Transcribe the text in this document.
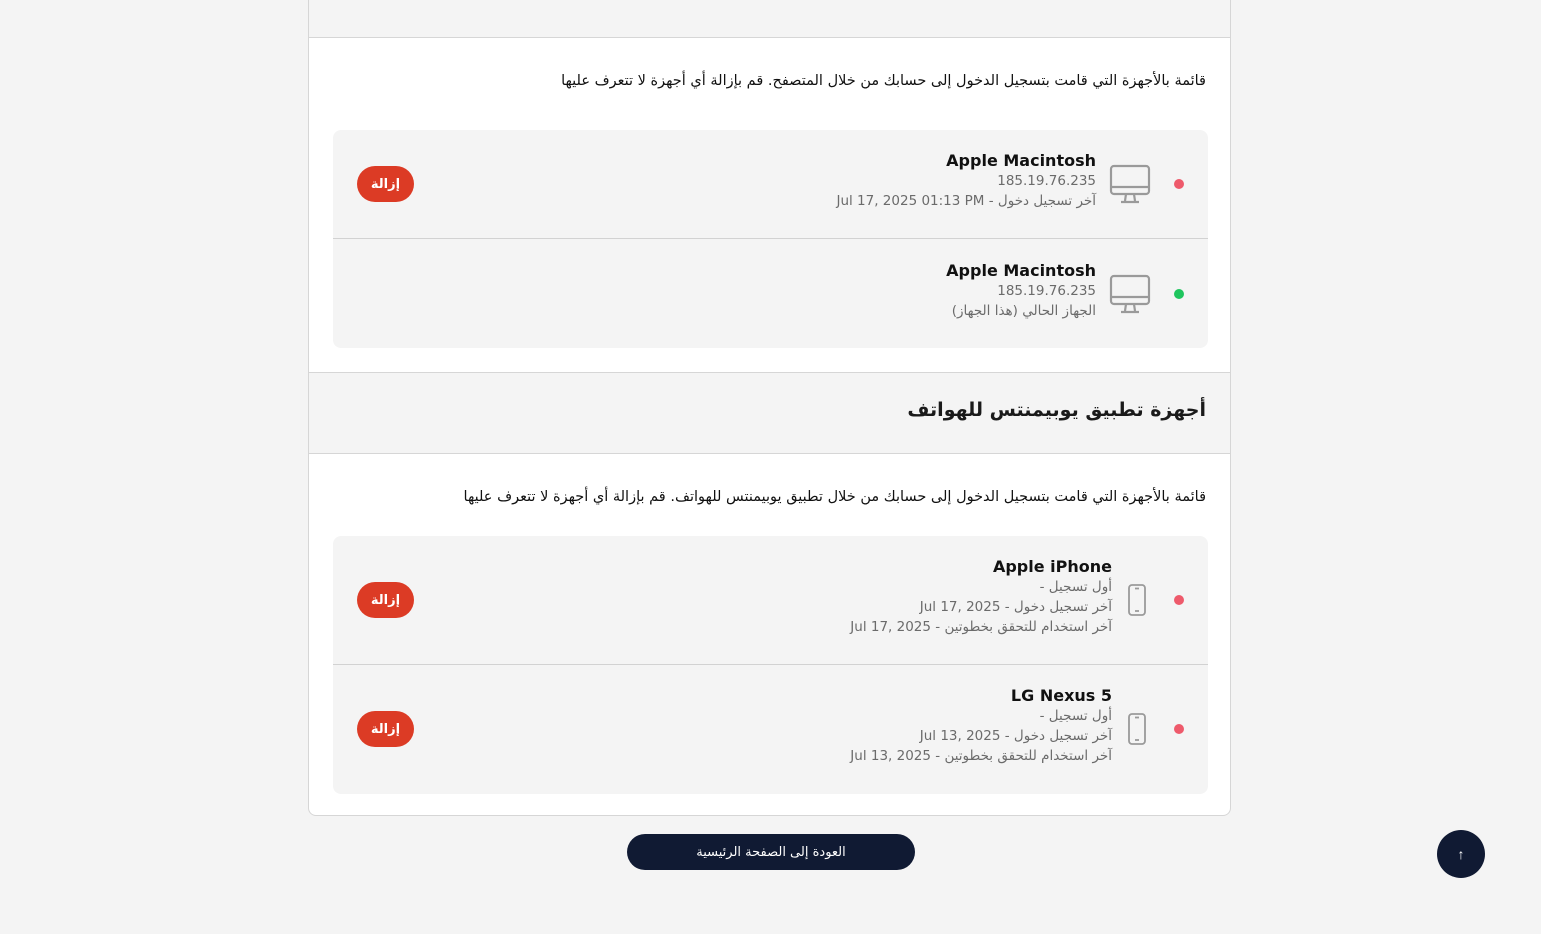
قائمة بالأجهزة التي قامت بتسجيل الدخول إلى حسابك من خلال المتصفح. قم بإزالة أي أجهزة لا تتعرف عليها
Apple Macintosh
185.19.76.235
آخر تسجيل دخول - Jul 17, 2025 01:13 PM
إزالة
Apple Macintosh
185.19.76.235
الجهاز الحالي (هذا الجهاز)
أجهزة تطبيق يوبيمنتس للهواتف
قائمة بالأجهزة التي قامت بتسجيل الدخول إلى حسابك من خلال تطبيق يوبيمنتس للهواتف. قم بإزالة أي أجهزة لا تتعرف عليها
Apple iPhone
أول تسجيل -
آخر تسجيل دخول - Jul 17, 2025
آخر استخدام للتحقق بخطوتين - Jul 17, 2025
إزالة
LG Nexus 5
أول تسجيل -
آخر تسجيل دخول - Jul 13, 2025
آخر استخدام للتحقق بخطوتين - Jul 13, 2025
إزالة
العودة إلى الصفحة الرئيسية	↑
